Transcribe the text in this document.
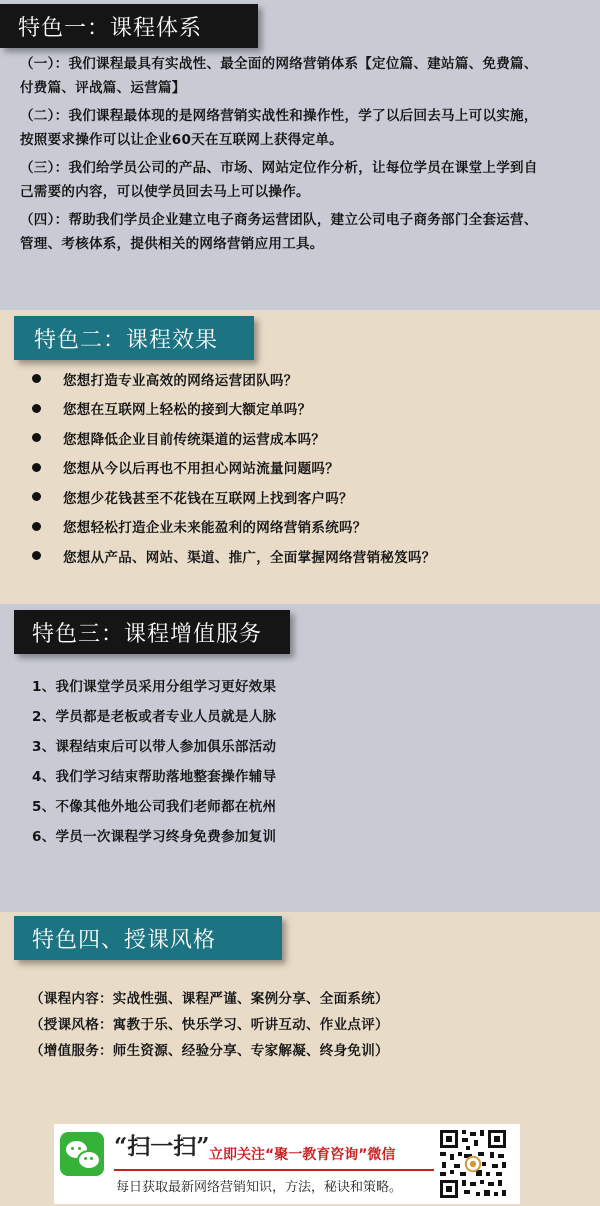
特色一：课程体系

（一）：我们课程最具有实战性、最全面的网络营销体系【定位篇、建站篇、免费篇、付费篇、评战篇、运营篇】

（二）：我们课程最体现的是网络营销实战性和操作性，学了以后回去马上可以实施，按照要求操作可以让企业60天在互联网上获得定单。

（三）：我们给学员公司的产品、市场、网站定位作分析，让每位学员在课堂上学到自己需要的内容，可以使学员回去马上可以操作。

（四）：帮助我们学员企业建立电子商务运营团队，建立公司电子商务部门全套运营、管理、考核体系，提供相关的网络营销应用工具。

特色二：课程效果
您想打造专业高效的网络运营团队吗？
您想在互联网上轻松的接到大额定单吗？
您想降低企业目前传统渠道的运营成本吗？
您想从今以后再也不用担心网站流量问题吗？
您想少花钱甚至不花钱在互联网上找到客户吗？
您想轻松打造企业未来能盈利的网络营销系统吗？
您想从产品、网站、渠道、推广，全面掌握网络营销秘笈吗？
特色三：课程增值服务
1、我们课堂学员采用分组学习更好效果
2、学员都是老板或者专业人员就是人脉
3、课程结束后可以带人参加俱乐部活动
4、我们学习结束帮助落地整套操作辅导
5、不像其他外地公司我们老师都在杭州
6、学员一次课程学习终身免费参加复训
特色四、授课风格
（课程内容：实战性强、课程严谨、案例分享、全面系统）
（授课风格：寓教于乐、快乐学习、听讲互动、作业点评）
（增值服务：师生资源、经验分享、专家解凝、终身免训）
“扫一扫” 立即关注“聚一教育咨询”微信
每日获取最新网络营销知识，方法，秘诀和策略。
